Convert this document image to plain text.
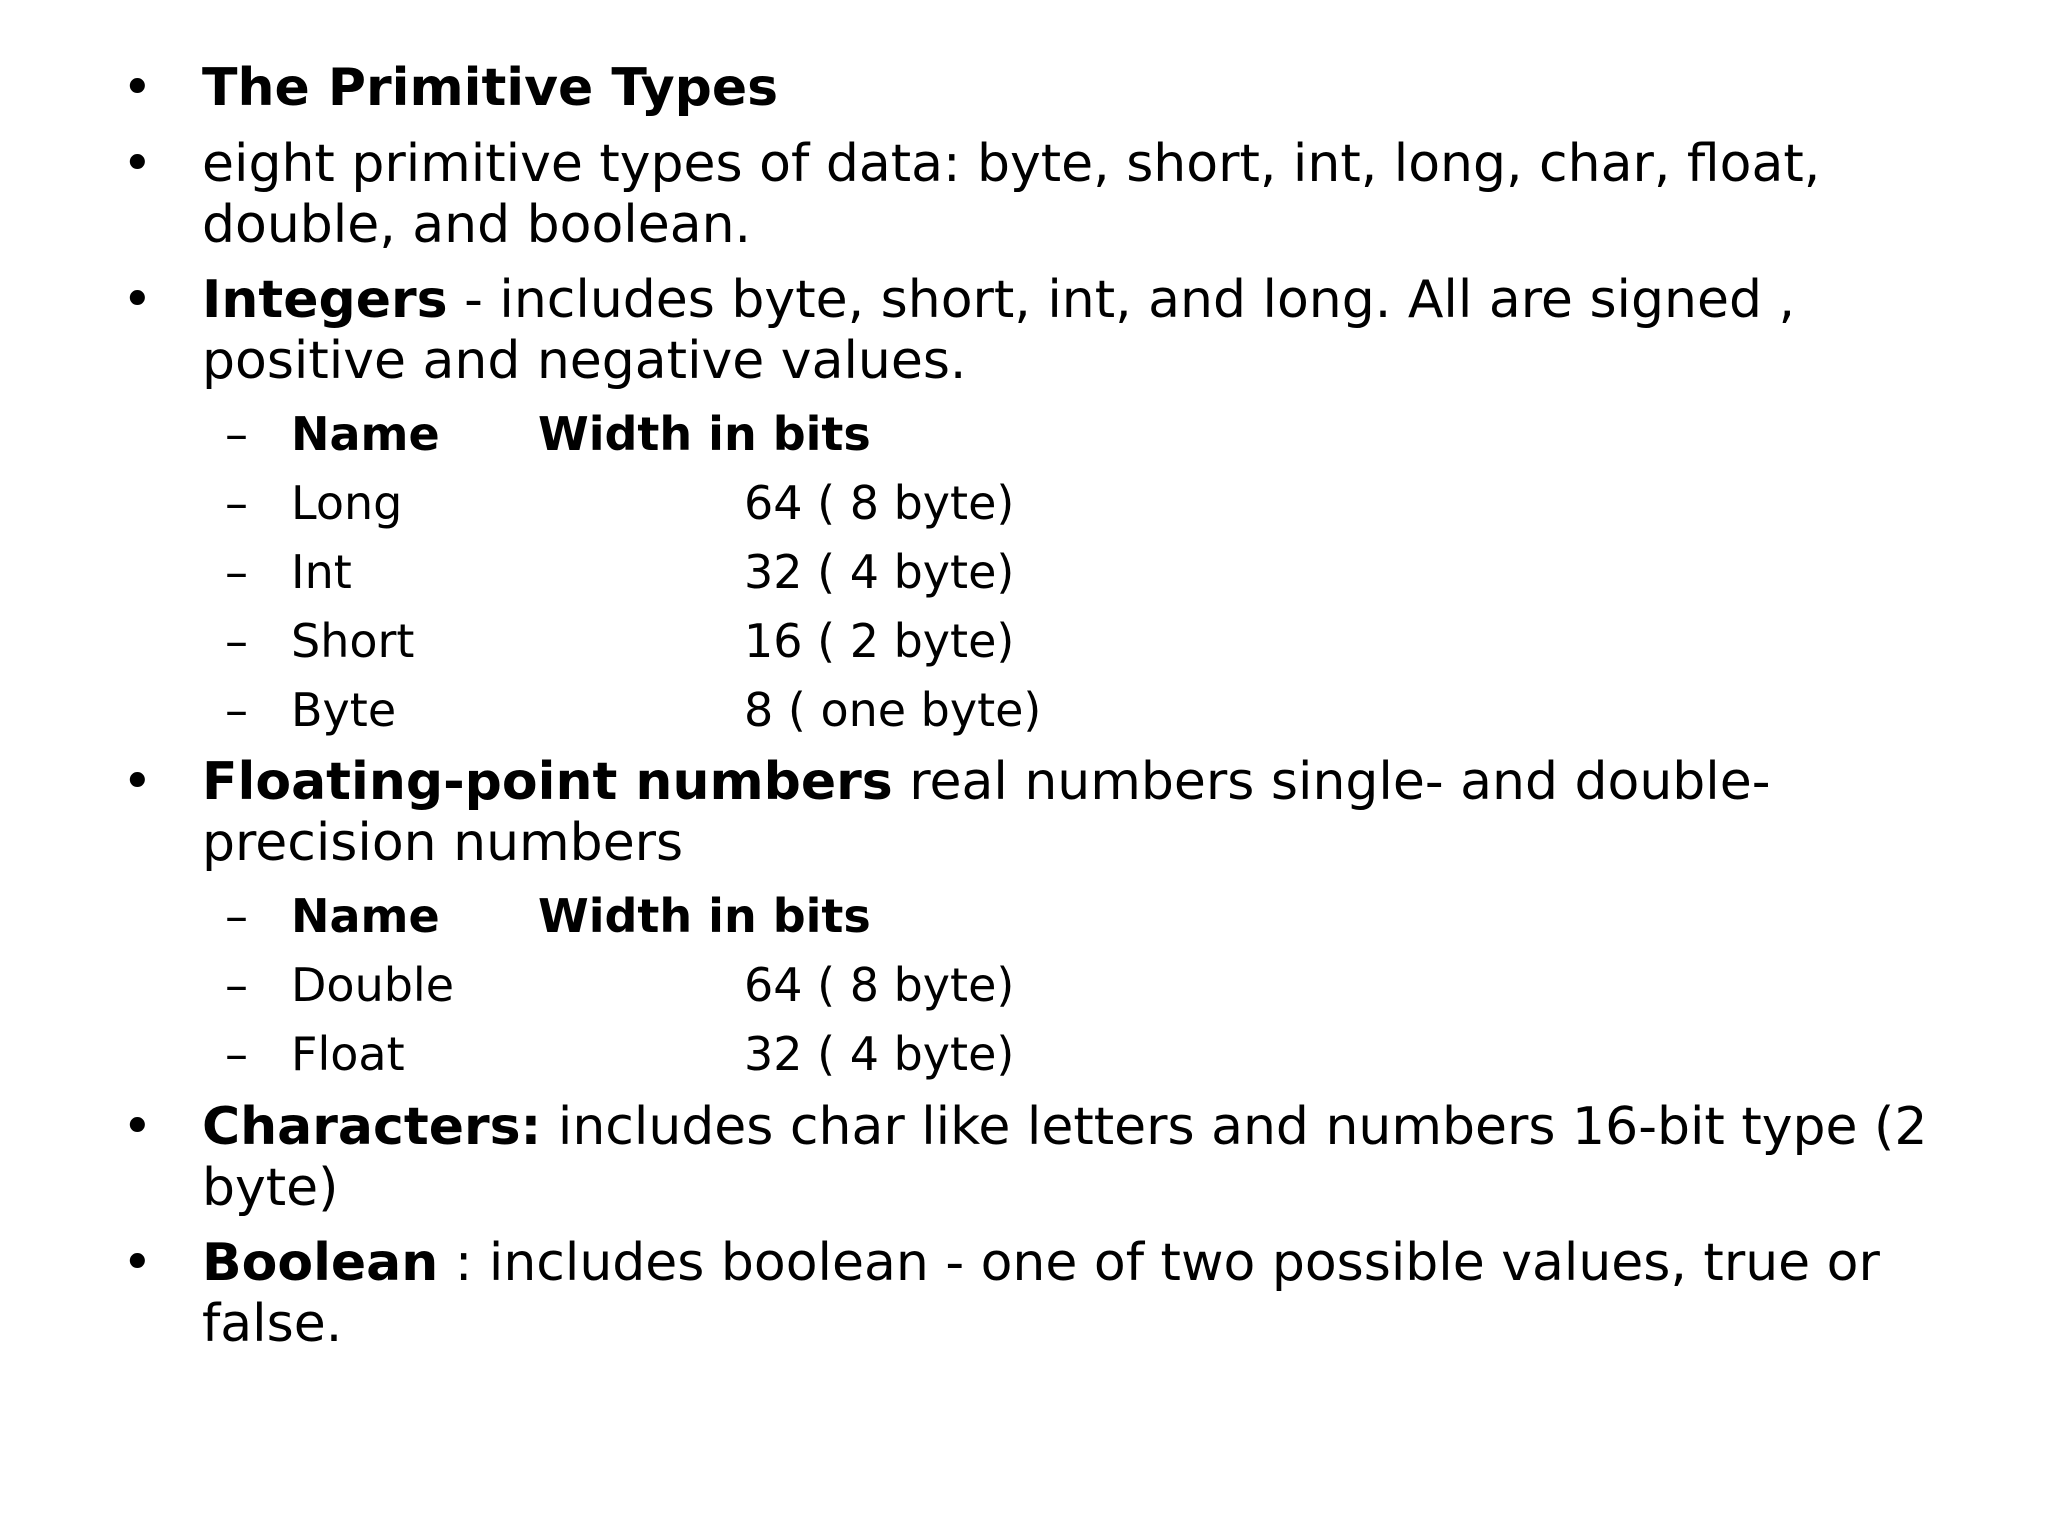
• The Primitive Types
• eight primitive types of data: byte, short, int, long, char, float, double, and boolean.
• Integers - includes byte, short, int, and long. All are signed , positive and negative values.
– Name Width in bits
– Long	64 ( 8 byte)
– Int	32 ( 4 byte)
– Short	16 ( 2 byte)
– Byte	8 ( one byte)
• Floating-point numbers real numbers single- and double-precision numbers
– Name Width in bits
– Double	64 ( 8 byte)
– Float	32 ( 4 byte)
• Characters: includes char like letters and numbers 16-bit type (2 byte)
• Boolean : includes boolean - one of two possible values, true or false.
